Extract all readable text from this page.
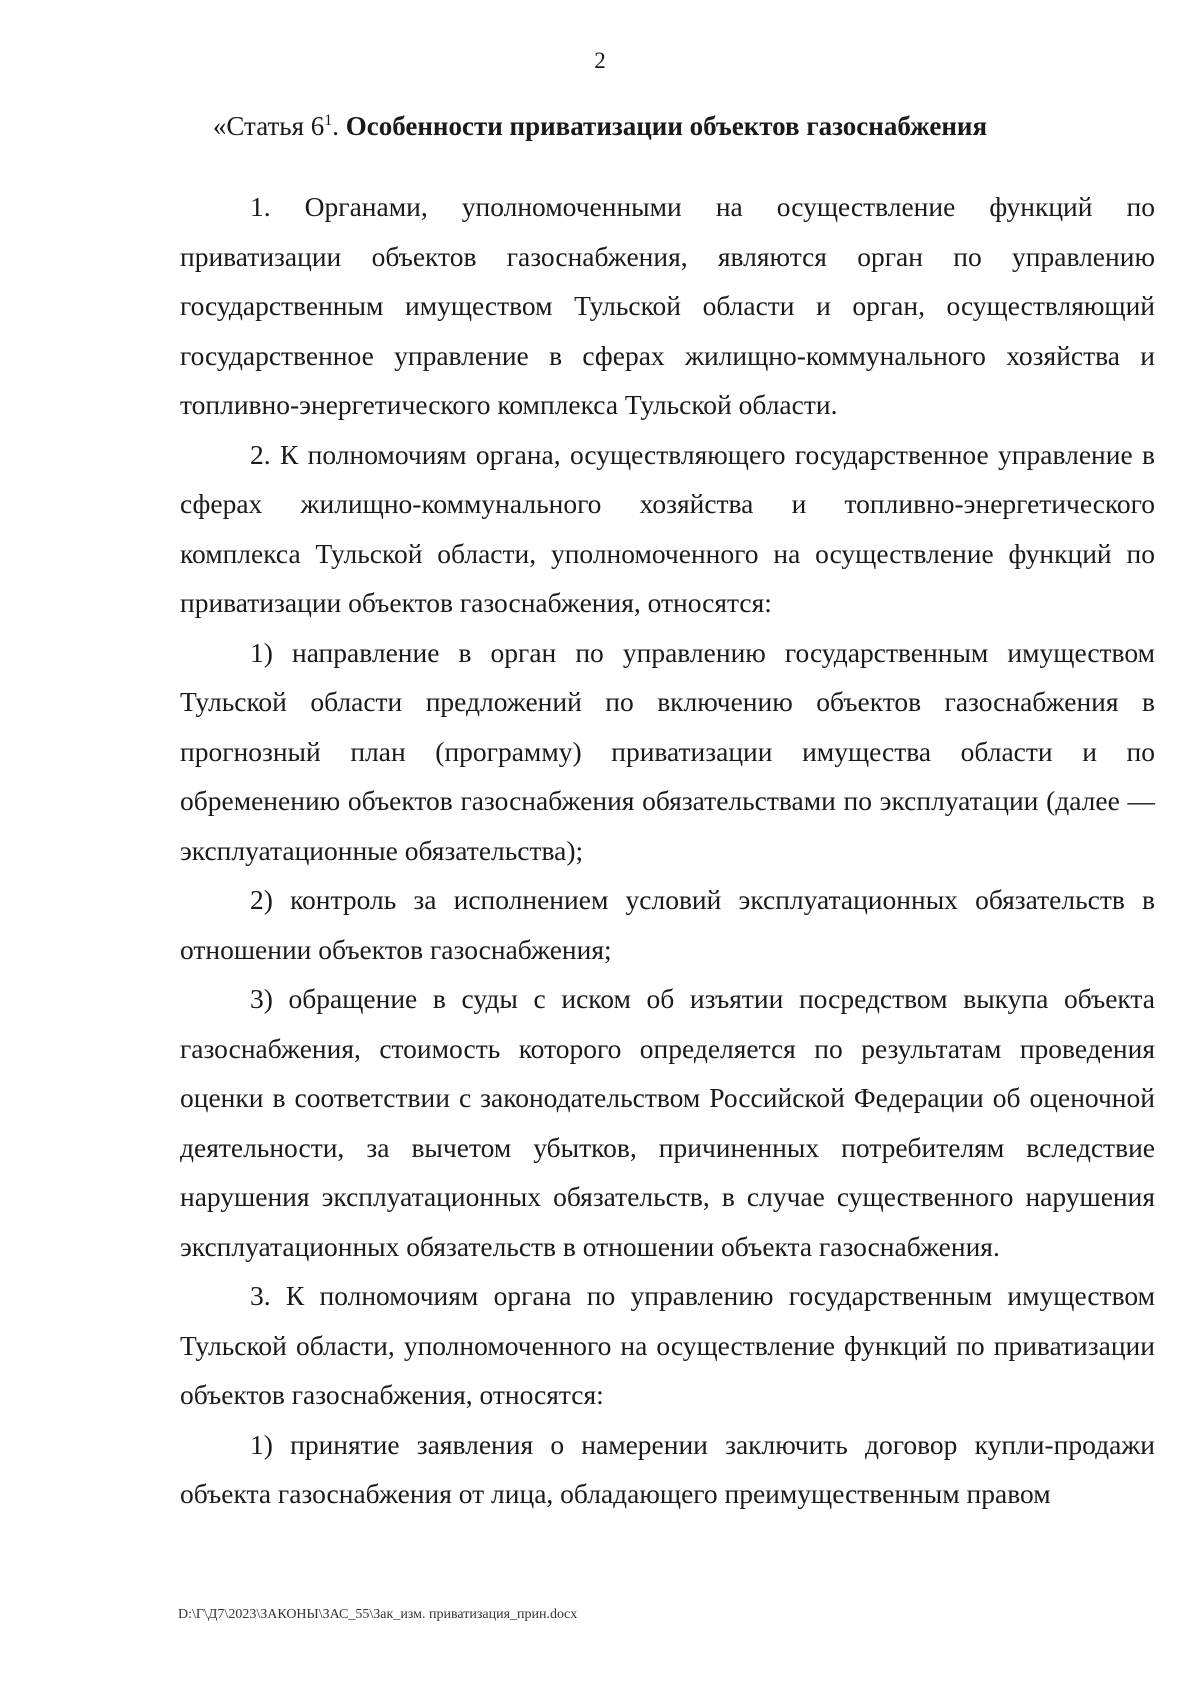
2
«Статья $6^1$. Особенности приватизации объектов газоснабжения

1. Органами, уполномоченными на осуществление функций по приватизации объектов газоснабжения, являются орган по управлению государственным имуществом Тульской области и орган, осуществляющий государственное управление в сферах жилищно-коммунального хозяйства и топливно-энергетического комплекса Тульской области.

2. К полномочиям органа, осуществляющего государственное управление в сферах жилищно-коммунального хозяйства и топливно-энергетического комплекса Тульской области, уполномоченного на осуществление функций по приватизации объектов газоснабжения, относятся:

1) направление в орган по управлению государственным имуществом Тульской области предложений по включению объектов газоснабжения в прогнозный план (программу) приватизации имущества области и по обременению объектов газоснабжения обязательствами по эксплуатации (далее — эксплуатационные обязательства);

2) контроль за исполнением условий эксплуатационных обязательств в отношении объектов газоснабжения;

3) обращение в суды с иском об изъятии посредством выкупа объекта газоснабжения, стоимость которого определяется по результатам проведения оценки в соответствии с законодательством Российской Федерации об оценочной деятельности, за вычетом убытков, причиненных потребителям вследствие нарушения эксплуатационных обязательств, в случае существенного нарушения эксплуатационных обязательств в отношении объекта газоснабжения.

3. К полномочиям органа по управлению государственным имуществом Тульской области, уполномоченного на осуществление функций по приватизации объектов газоснабжения, относятся:

1) принятие заявления о намерении заключить договор купли-продажи объекта газоснабжения от лица, обладающего преимущественным правом

D:\Г\Д7\2023\ЗАКОНЫ\ЗАС_55\Зак_изм. приватизация_прин.docx
